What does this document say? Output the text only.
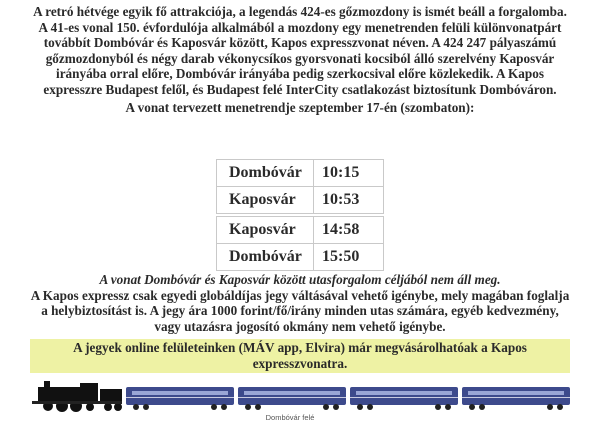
A retró hétvége egyik fő attrakciója, a legendás 424-es gőzmozdony is ismét beáll a forgalomba. A 41-es vonal 150. évfordulója alkalmából a mozdony egy menetrenden felüli különvonatpárt továbbít Dombóvár és Kaposvár között, Kapos expresszvonat néven. A 424 247 pályaszámú gőzmozdonyból és négy darab vékonycsíkos gyorsvonati kocsiból álló szerelvény Kaposvár irányába orral előre, Dombóvár irányába pedig szerkocsival előre közlekedik. A Kapos expresszre Budapest felől, és Budapest felé InterCity csatlakozást biztosítunk Dombóváron.

A vonat tervezett menetrendje szeptember 17-én (szombaton):

Dombóvár	10:15
Kaposvár	10:53
Kaposvár	14:58
Dombóvár	15:50

A vonat Dombóvár és Kaposvár között utasforgalom céljából nem áll meg.

A Kapos expressz csak egyedi globáldíjas jegy váltásával vehető igénybe, mely magában foglalja a helybiztosítást is. A jegy ára 1000 forint/fő/irány minden utas számára, egyéb kedvezmény, vagy utazásra jogosító okmány nem vehető igénybe.

A jegyek online felületeinken (MÁV app, Elvira) már megvásárolhatóak a Kapos expresszvonatra.
Dombóvár felé
